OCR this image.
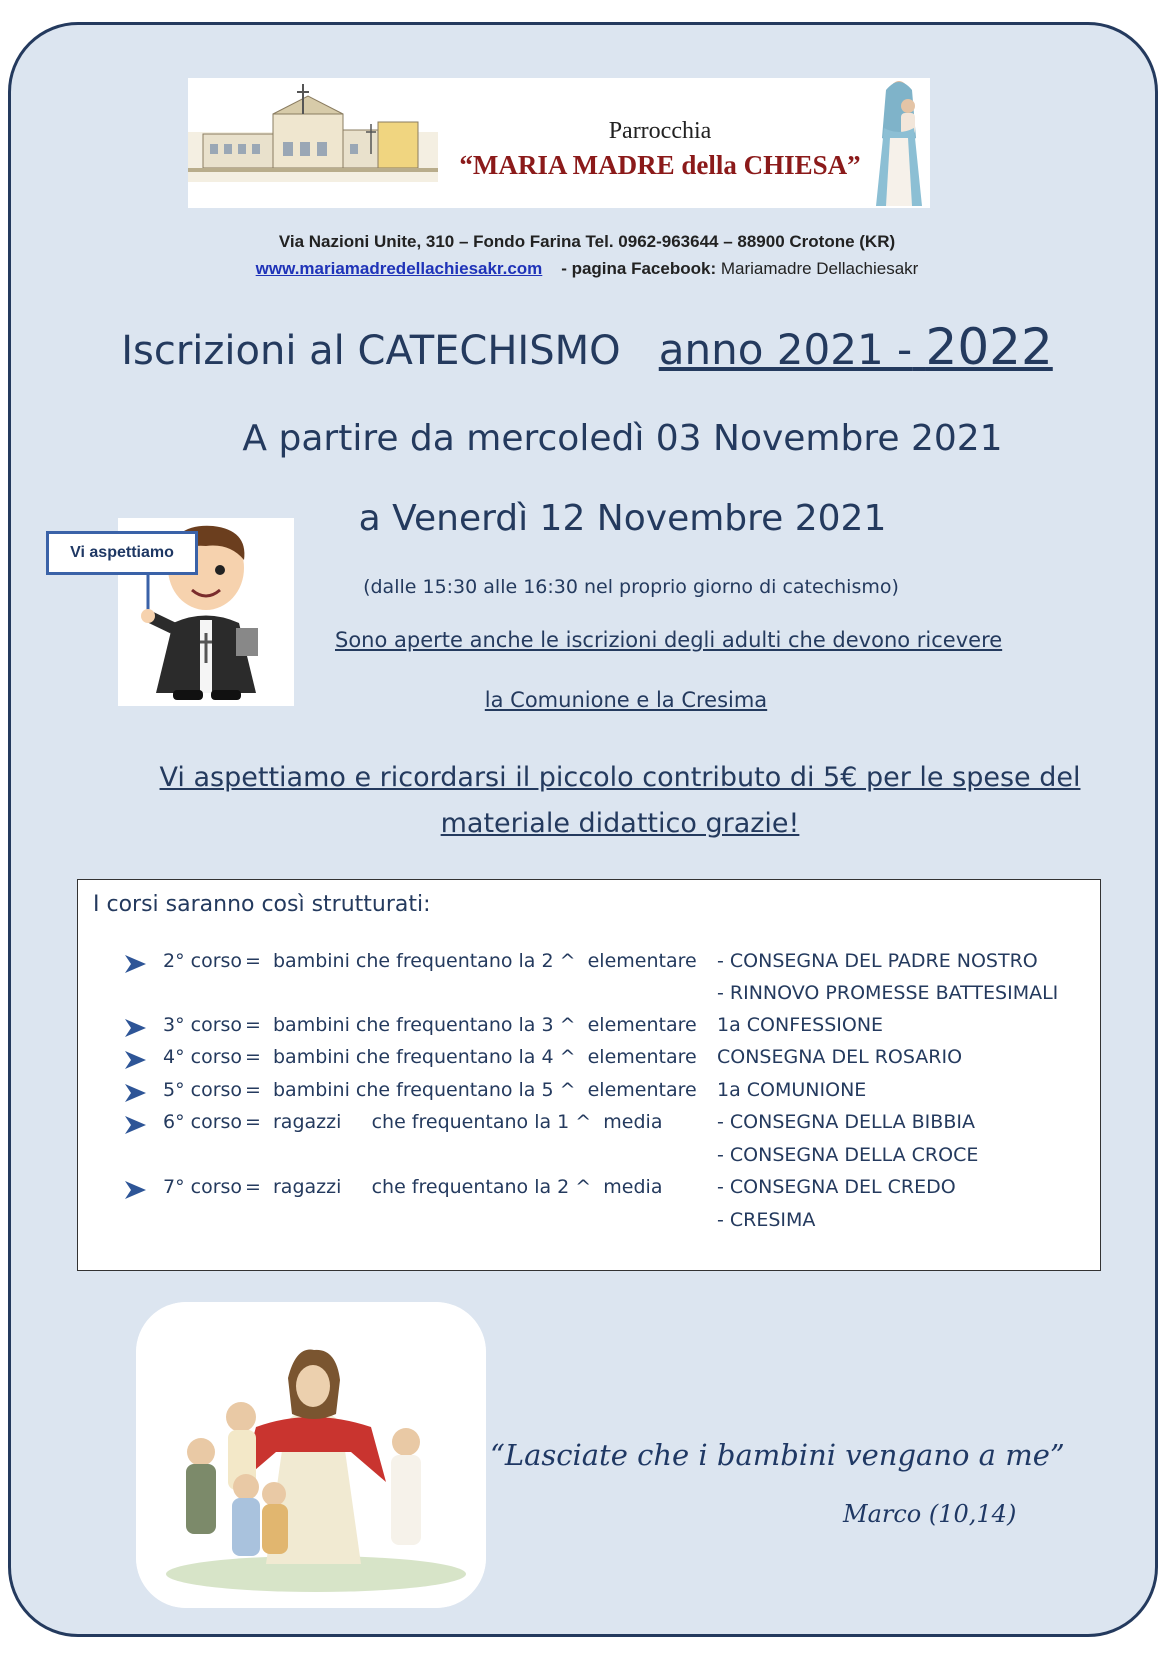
Parrocchia
“MARIA MADRE della CHIESA”
Via Nazioni Unite, 310 – Fondo Farina Tel. 0962-963644 – 88900 Crotone (KR)
www.mariamadredellachiesakr.com - pagina Facebook: Mariamadre Dellachiesakr
Iscrizioni al CATECHISMO anno 2021 - 2022
A partire da mercoledì 03 Novembre 2021
a Venerdì 12 Novembre 2021
(dalle 15:30 alle 16:30 nel proprio giorno di catechismo)
Sono aperte anche le iscrizioni degli adulti che devono ricevere
la Comunione e la Cresima
Vi aspettiamo
Vi aspettiamo e ricordarsi il piccolo contributo di 5€ per le spese del
materiale didattico grazie!
I corsi saranno così strutturati:
2° corso =  bambini che frequentano la 2 ^  elementare - CONSEGNA DEL PADRE NOSTRO
- RINNOVO PROMESSE BATTESIMALI
3° corso =  bambini che frequentano la 3 ^  elementare 1a CONFESSIONE
4° corso =  bambini che frequentano la 4 ^  elementare CONSEGNA DEL ROSARIO
5° corso =  bambini che frequentano la 5 ^  elementare 1a COMUNIONE
6° corso =  ragazzi     che frequentano la 1 ^  media	- CONSEGNA DELLA BIBBIA
- CONSEGNA DELLA CROCE
7° corso =  ragazzi     che frequentano la 2 ^  media	- CONSEGNA DEL CREDO
- CRESIMA
“Lasciate che i bambini vengano a me”
Marco (10,14)
